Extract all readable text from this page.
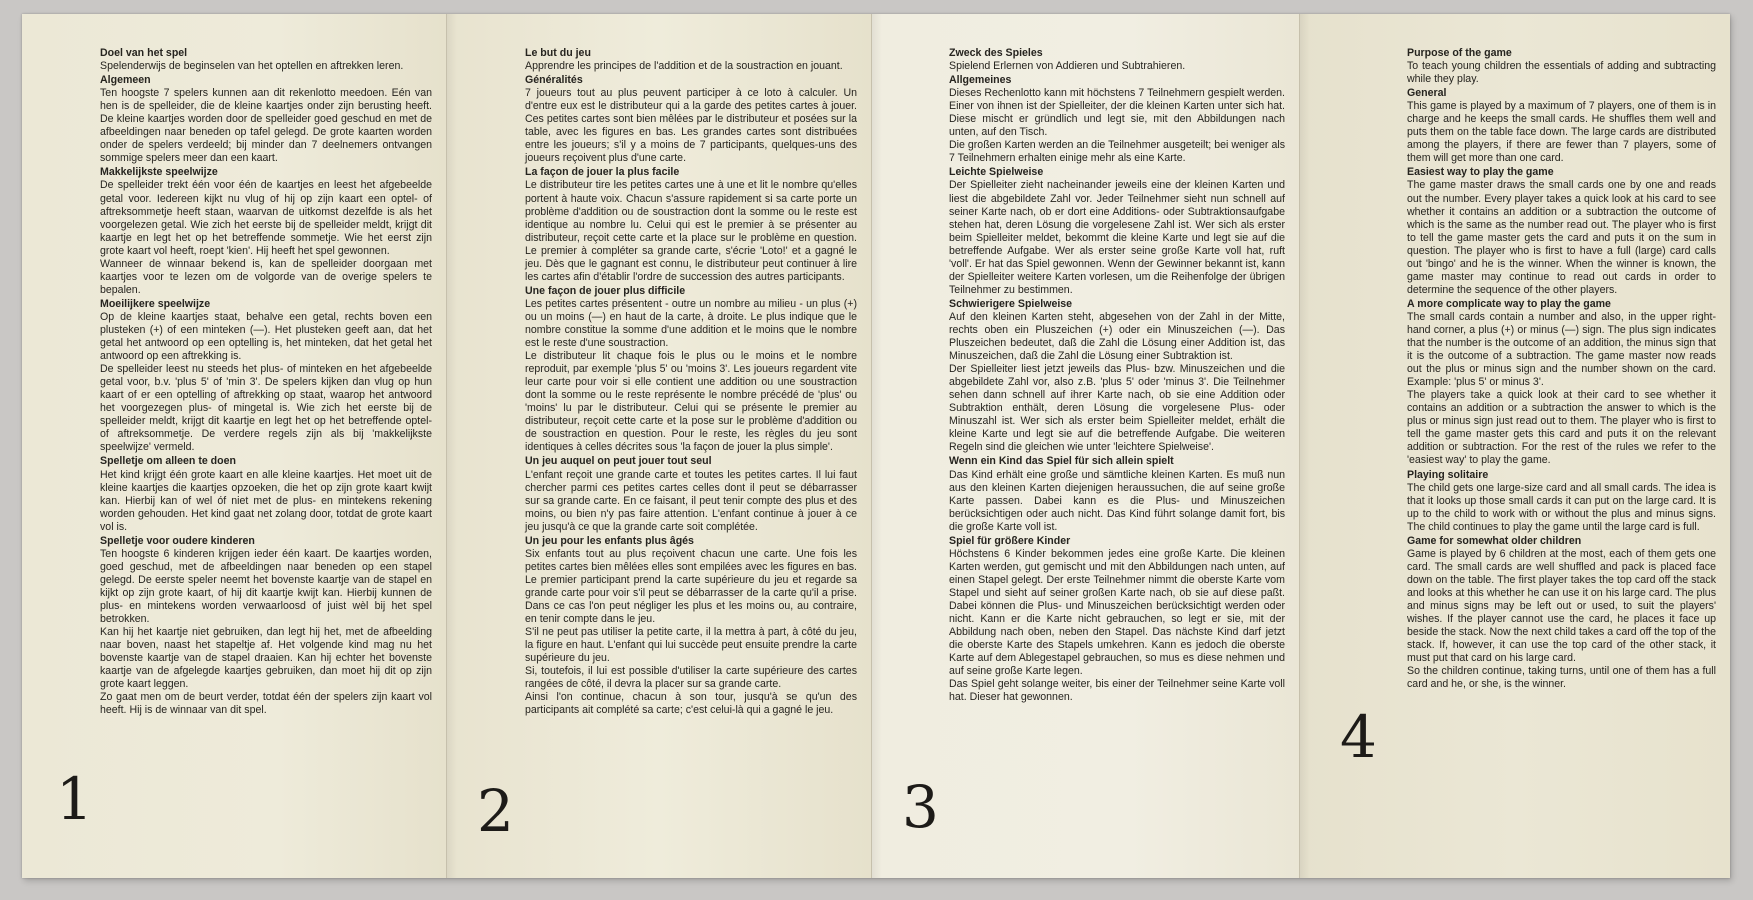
Doel van het spel

Spelenderwijs de beginselen van het optellen en aftrekken leren.

Algemeen

Ten hoogste 7 spelers kunnen aan dit rekenlotto meedoen. Eén van hen is de spelleider, die de kleine kaartjes onder zijn berusting heeft. De kleine kaartjes worden door de spelleider goed geschud en met de afbeeldingen naar beneden op tafel gelegd. De grote kaarten worden onder de spelers verdeeld; bij minder dan 7 deelnemers ontvangen sommige spelers meer dan een kaart.

Makkelijkste speelwijze

De spelleider trekt één voor één de kaartjes en leest het afgebeelde getal voor. Iedereen kijkt nu vlug of hij op zijn kaart een optel- of aftreksommetje heeft staan, waarvan de uitkomst dezelfde is als het voorgelezen getal. Wie zich het eerste bij de spelleider meldt, krijgt dit kaartje en legt het op het betreffende sommetje. Wie het eerst zijn grote kaart vol heeft, roept 'kien'. Hij heeft het spel gewonnen.
Wanneer de winnaar bekend is, kan de spelleider doorgaan met kaartjes voor te lezen om de volgorde van de overige spelers te bepalen.

Moeilijkere speelwijze

Op de kleine kaartjes staat, behalve een getal, rechts boven een plusteken (+) of een minteken (—). Het plusteken geeft aan, dat het getal het antwoord op een optelling is, het minteken, dat het getal het antwoord op een aftrekking is.
De spelleider leest nu steeds het plus- of minteken en het afgebeelde getal voor, b.v. 'plus 5' of 'min 3'. De spelers kijken dan vlug op hun kaart of er een optelling of aftrekking op staat, waarop het antwoord het voorgezegen plus- of mingetal is. Wie zich het eerste bij de spelleider meldt, krijgt dit kaartje en legt het op het betreffende optel- of aftreksommetje. De verdere regels zijn als bij 'makkelijkste speelwijze' vermeld.

Spelletje om alleen te doen

Het kind krijgt één grote kaart en alle kleine kaartjes. Het moet uit de kleine kaartjes die kaartjes opzoeken, die het op zijn grote kaart kwijt kan. Hierbij kan of wel óf niet met de plus- en mintekens rekening worden gehouden. Het kind gaat net zolang door, totdat de grote kaart vol is.

Spelletje voor oudere kinderen

Ten hoogste 6 kinderen krijgen ieder één kaart. De kaartjes worden, goed geschud, met de afbeeldingen naar beneden op een stapel gelegd. De eerste speler neemt het bovenste kaartje van de stapel en kijkt op zijn grote kaart, of hij dit kaartje kwijt kan. Hierbij kunnen de plus- en mintekens worden verwaarloosd of juist wèl bij het spel betrokken.
Kan hij het kaartje niet gebruiken, dan legt hij het, met de afbeelding naar boven, naast het stapeltje af. Het volgende kind mag nu het bovenste kaartje van de stapel draaien. Kan hij echter het bovenste kaartje van de afgelegde kaartjes gebruiken, dan moet hij dit op zijn grote kaart leggen.
Zo gaat men om de beurt verder, totdat één der spelers zijn kaart vol heeft. Hij is de winnaar van dit spel.

1
Le but du jeu

Apprendre les principes de l'addition et de la soustraction en jouant.

Généralités

7 joueurs tout au plus peuvent participer à ce loto à calculer. Un d'entre eux est le distributeur qui a la garde des petites cartes à jouer. Ces petites cartes sont bien mêlées par le distributeur et posées sur la table, avec les figures en bas. Les grandes cartes sont distribuées entre les joueurs; s'il y a moins de 7 participants, quelques-uns des joueurs reçoivent plus d'une carte.

La façon de jouer la plus facile

Le distributeur tire les petites cartes une à une et lit le nombre qu'elles portent à haute voix. Chacun s'assure rapidement si sa carte porte un problème d'addition ou de soustraction dont la somme ou le reste est identique au nombre lu. Celui qui est le premier à se présenter au distributeur, reçoit cette carte et la place sur le problème en question. Le premier à compléter sa grande carte, s'écrie 'Loto!' et a gagné le jeu. Dès que le gagnant est connu, le distributeur peut continuer à lire les cartes afin d'établir l'ordre de succession des autres participants.

Une façon de jouer plus difficile

Les petites cartes présentent - outre un nombre au milieu - un plus (+) ou un moins (—) en haut de la carte, à droite. Le plus indique que le nombre constitue la somme d'une addition et le moins que le nombre est le reste d'une soustraction.
Le distributeur lit chaque fois le plus ou le moins et le nombre reproduit, par exemple 'plus 5' ou 'moins 3'. Les joueurs regardent vite leur carte pour voir si elle contient une addition ou une soustraction dont la somme ou le reste représente le nombre précédé de 'plus' ou 'moins' lu par le distributeur. Celui qui se présente le premier au distributeur, reçoit cette carte et la pose sur le problème d'addition ou de soustraction en question. Pour le reste, les règles du jeu sont identiques à celles décrites sous 'la façon de jouer la plus simple'.

Un jeu auquel on peut jouer tout seul

L'enfant reçoit une grande carte et toutes les petites cartes. Il lui faut chercher parmi ces petites cartes celles dont il peut se débarrasser sur sa grande carte. En ce faisant, il peut tenir compte des plus et des moins, ou bien n'y pas faire attention. L'enfant continue à jouer à ce jeu jusqu'à ce que la grande carte soit complétée.

Un jeu pour les enfants plus âgés

Six enfants tout au plus reçoivent chacun une carte. Une fois les petites cartes bien mêlées elles sont empilées avec les figures en bas. Le premier participant prend la carte supérieure du jeu et regarde sa grande carte pour voir s'il peut se débarrasser de la carte qu'il a prise. Dans ce cas l'on peut négliger les plus et les moins ou, au contraire, en tenir compte dans le jeu.
S'il ne peut pas utiliser la petite carte, il la mettra à part, à côté du jeu, la figure en haut. L'enfant qui lui succède peut ensuite prendre la carte supérieure du jeu.
Si, toutefois, il lui est possible d'utiliser la carte supérieure des cartes rangées de côté, il devra la placer sur sa grande carte.
Ainsi l'on continue, chacun à son tour, jusqu'à se qu'un des participants ait complété sa carte; c'est celui-là qui a gagné le jeu.

2
Zweck des Spieles

Spielend Erlernen von Addieren und Subtrahieren.

Allgemeines

Dieses Rechenlotto kann mit höchstens 7 Teilnehmern gespielt werden. Einer von ihnen ist der Spielleiter, der die kleinen Karten unter sich hat. Diese mischt er gründlich und legt sie, mit den Abbildungen nach unten, auf den Tisch.
Die großen Karten werden an die Teilnehmer ausgeteilt; bei weniger als 7 Teilnehmern erhalten einige mehr als eine Karte.

Leichte Spielweise

Der Spielleiter zieht nacheinander jeweils eine der kleinen Karten und liest die abgebildete Zahl vor. Jeder Teilnehmer sieht nun schnell auf seiner Karte nach, ob er dort eine Additions- oder Subtraktionsaufgabe stehen hat, deren Lösung die vorgelesene Zahl ist. Wer sich als erster beim Spielleiter meldet, bekommt die kleine Karte und legt sie auf die betreffende Aufgabe. Wer als erster seine große Karte voll hat, ruft 'voll'. Er hat das Spiel gewonnen. Wenn der Gewinner bekannt ist, kann der Spielleiter weitere Karten vorlesen, um die Reihenfolge der übrigen Teilnehmer zu bestimmen.

Schwierigere Spielweise

Auf den kleinen Karten steht, abgesehen von der Zahl in der Mitte, rechts oben ein Pluszeichen (+) oder ein Minuszeichen (—). Das Pluszeichen bedeutet, daß die Zahl die Lösung einer Addition ist, das Minuszeichen, daß die Zahl die Lösung einer Subtraktion ist.
Der Spielleiter liest jetzt jeweils das Plus- bzw. Minuszeichen und die abgebildete Zahl vor, also z.B. 'plus 5' oder 'minus 3'. Die Teilnehmer sehen dann schnell auf ihrer Karte nach, ob sie eine Addition oder Subtraktion enthält, deren Lösung die vorgelesene Plus- oder Minuszahl ist. Wer sich als erster beim Spielleiter meldet, erhält die kleine Karte und legt sie auf die betreffende Aufgabe. Die weiteren Regeln sind die gleichen wie unter 'leichtere Spielweise'.

Wenn ein Kind das Spiel für sich allein spielt

Das Kind erhält eine große und sämtliche kleinen Karten. Es muß nun aus den kleinen Karten diejenigen heraussuchen, die auf seine große Karte passen. Dabei kann es die Plus- und Minuszeichen berücksichtigen oder auch nicht. Das Kind führt solange damit fort, bis die große Karte voll ist.

Spiel für größere Kinder

Höchstens 6 Kinder bekommen jedes eine große Karte. Die kleinen Karten werden, gut gemischt und mit den Abbildungen nach unten, auf einen Stapel gelegt. Der erste Teilnehmer nimmt die oberste Karte vom Stapel und sieht auf seiner großen Karte nach, ob sie auf diese paßt. Dabei können die Plus- und Minuszeichen berücksichtigt werden oder nicht. Kann er die Karte nicht gebrauchen, so legt er sie, mit der Abbildung nach oben, neben den Stapel. Das nächste Kind darf jetzt die oberste Karte des Stapels umkehren. Kann es jedoch die oberste Karte auf dem Ablegestapel gebrauchen, so mus es diese nehmen und auf seine große Karte legen.
Das Spiel geht solange weiter, bis einer der Teilnehmer seine Karte voll hat. Dieser hat gewonnen.

3
Purpose of the game

To teach young children the essentials of adding and subtracting while they play.

General

This game is played by a maximum of 7 players, one of them is in charge and he keeps the small cards. He shuffles them well and puts them on the table face down. The large cards are distributed among the players, if there are fewer than 7 players, some of them will get more than one card.

Easiest way to play the game

The game master draws the small cards one by one and reads out the number. Every player takes a quick look at his card to see whether it contains an addition or a subtraction the outcome of which is the same as the number read out. The player who is first to tell the game master gets the card and puts it on the sum in question. The player who is first to have a full (large) card calls out 'bingo' and he is the winner. When the winner is known, the game master may continue to read out cards in order to determine the sequence of the other players.

A more complicate way to play the game

The small cards contain a number and also, in the upper right-hand corner, a plus (+) or minus (—) sign. The plus sign indicates that the number is the outcome of an addition, the minus sign that it is the outcome of a subtraction. The game master now reads out the plus or minus sign and the number shown on the card. Example: 'plus 5' or minus 3'.
The players take a quick look at their card to see whether it contains an addition or a subtraction the answer to which is the plus or minus sign just read out to them. The player who is first to tell the game master gets this card and puts it on the relevant addition or subtraction. For the rest of the rules we refer to the 'easiest way' to play the game.

Playing solitaire

The child gets one large-size card and all small cards. The idea is that it looks up those small cards it can put on the large card. It is up to the child to work with or without the plus and minus signs. The child continues to play the game until the large card is full.

Game for somewhat older children

Game is played by 6 children at the most, each of them gets one card. The small cards are well shuffled and pack is placed face down on the table. The first player takes the top card off the stack and looks at this whether he can use it on his large card. The plus and minus signs may be left out or used, to suit the players' wishes. If the player cannot use the card, he places it face up beside the stack. Now the next child takes a card off the top of the stack. If, however, it can use the top card of the other stack, it must put that card on his large card.
So the children continue, taking turns, until one of them has a full card and he, or she, is the winner.

4
